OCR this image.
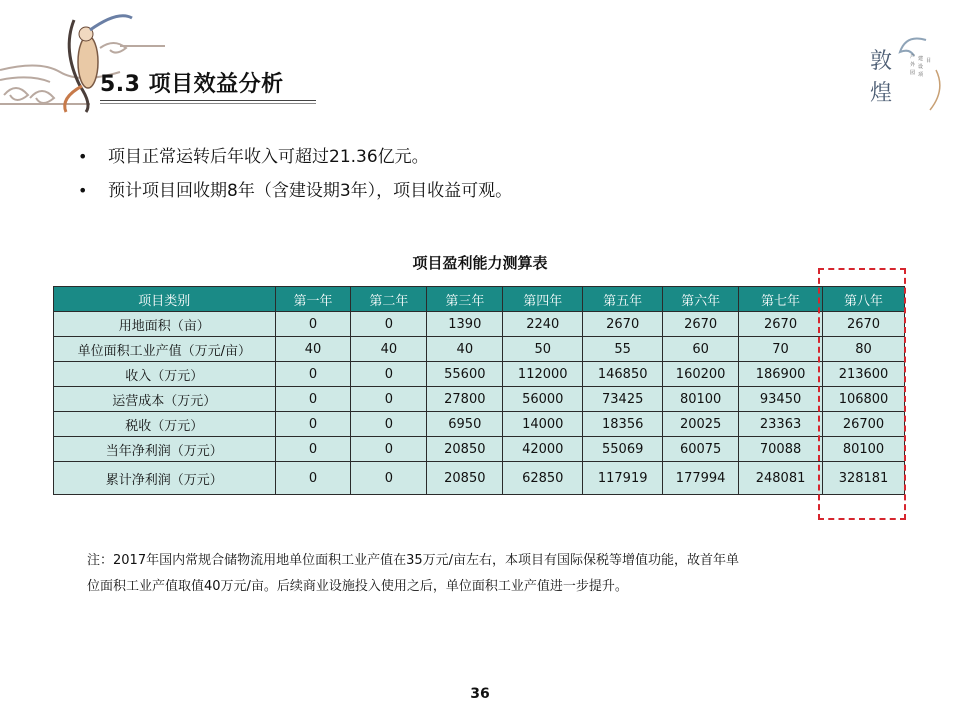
敦
煌
户
外
园
建
设
项
目
5.3 项目效益分析
•	项目正常运转后年收入可超过21.36亿元。
•	预计项目回收期8年（含建设期3年），项目收益可观。
项目盈利能力测算表
项目类别	第一年	第二年	第三年	第四年	第五年	第六年	第七年	第八年
用地面积（亩）	0	0	1390	2240	2670	2670	2670	2670
单位面积工业产值（万元/亩）	40	40	40	50	55	60	70	80
收入（万元）	0	0	55600	112000	146850	160200	186900	213600
运营成本（万元）	0	0	27800	56000	73425	80100	93450	106800
税收（万元）	0	0	6950	14000	18356	20025	23363	26700
当年净利润（万元）	0	0	20850	42000	55069	60075	70088	80100
累计净利润（万元）	0	0	20850	62850	117919	177994	248081	328181
注：2017年国内常规合储物流用地单位面积工业产值在35万元/亩左右，本项目有国际保税等增值功能，故首年单
位面积工业产值取值40万元/亩。后续商业设施投入使用之后，单位面积工业产值进一步提升。
36
